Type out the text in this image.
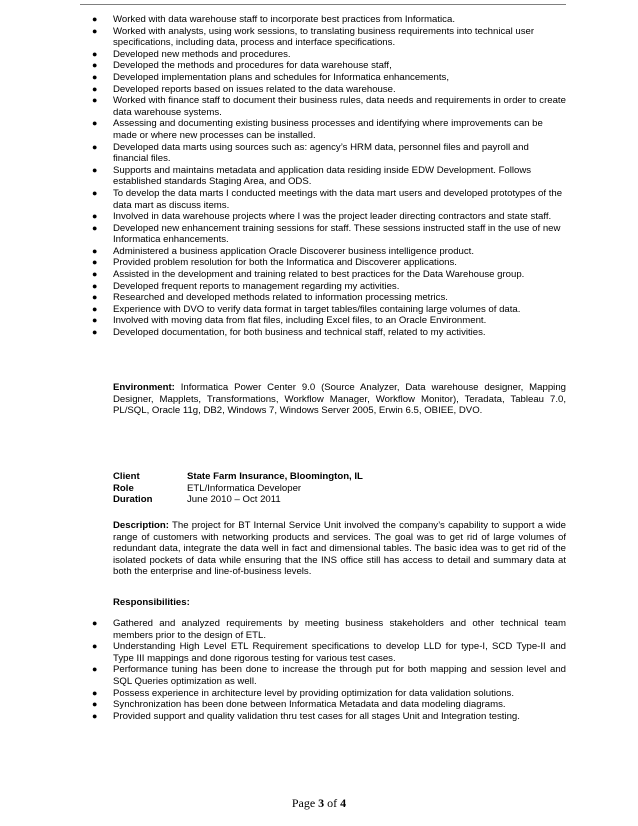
● Worked with data warehouse staff to incorporate best practices from Informatica.
● Worked with analysts, using work sessions, to translating business requirements into technical user specifications, including data, process and interface specifications.
● Developed new methods and procedures.
● Developed the methods and procedures for data warehouse staff,
● Developed implementation plans and schedules for Informatica enhancements,
● Developed reports based on issues related to the data warehouse.
● Worked with finance staff to document their business rules, data needs and requirements in order to create data warehouse systems.
● Assessing and documenting existing business processes and identifying where improvements can be made or where new processes can be installed.
● Developed data marts using sources such as: agency’s HRM data, personnel files and payroll and financial files.
● Supports and maintains metadata and application data residing inside EDW Development. Follows established standards Staging Area, and ODS.
● To develop the data marts I conducted meetings with the data mart users and developed prototypes of the data mart as discuss items.
● Involved in data warehouse projects where I was the project leader directing contractors and state staff.
● Developed new enhancement training sessions for staff. These sessions instructed staff in the use of new Informatica enhancements.
● Administered a business application Oracle Discoverer business intelligence product.
● Provided problem resolution for both the Informatica and Discoverer applications.
● Assisted in the development and training related to best practices for the Data Warehouse group.
● Developed frequent reports to management regarding my activities.
● Researched and developed methods related to information processing metrics.
● Experience with DVO to verify data format in target tables/files containing large volumes of data.
● Involved with moving data from flat files, including Excel files, to an Oracle Environment.
● Developed documentation, for both business and technical staff, related to my activities.
Environment: Informatica Power Center 9.0 (Source Analyzer, Data warehouse designer, Mapping Designer, Mapplets, Transformations, Workflow Manager, Workflow Monitor), Teradata, Tableau 7.0, PL/SQL, Oracle 11g, DB2, Windows 7, Windows Server 2005, Erwin 6.5, OBIEE, DVO.
Client	State Farm Insurance, Bloomington, IL
Role	ETL/Informatica Developer
Duration	June 2010 – Oct 2011
Description: The project for BT Internal Service Unit involved the company’s capability to support a wide range of customers with networking products and services. The goal was to get rid of large volumes of redundant data, integrate the data well in fact and dimensional tables. The basic idea was to get rid of the isolated pockets of data while ensuring that the INS office still has access to detail and summary data at both the enterprise and line-of-business levels.
Responsibilities:
● Gathered and analyzed requirements by meeting business stakeholders and other technical team members prior to the design of ETL.
● Understanding High Level ETL Requirement specifications to develop LLD for type-I, SCD Type-II and Type III mappings and done rigorous testing for various test cases.
● Performance tuning has been done to increase the through put for both mapping and session level and SQL Queries optimization as well.
● Possess experience in architecture level by providing optimization for data validation solutions.
● Synchronization has been done between Informatica Metadata and data modeling diagrams.
● Provided support and quality validation thru test cases for all stages Unit and Integration testing.
Page 3 of 4
